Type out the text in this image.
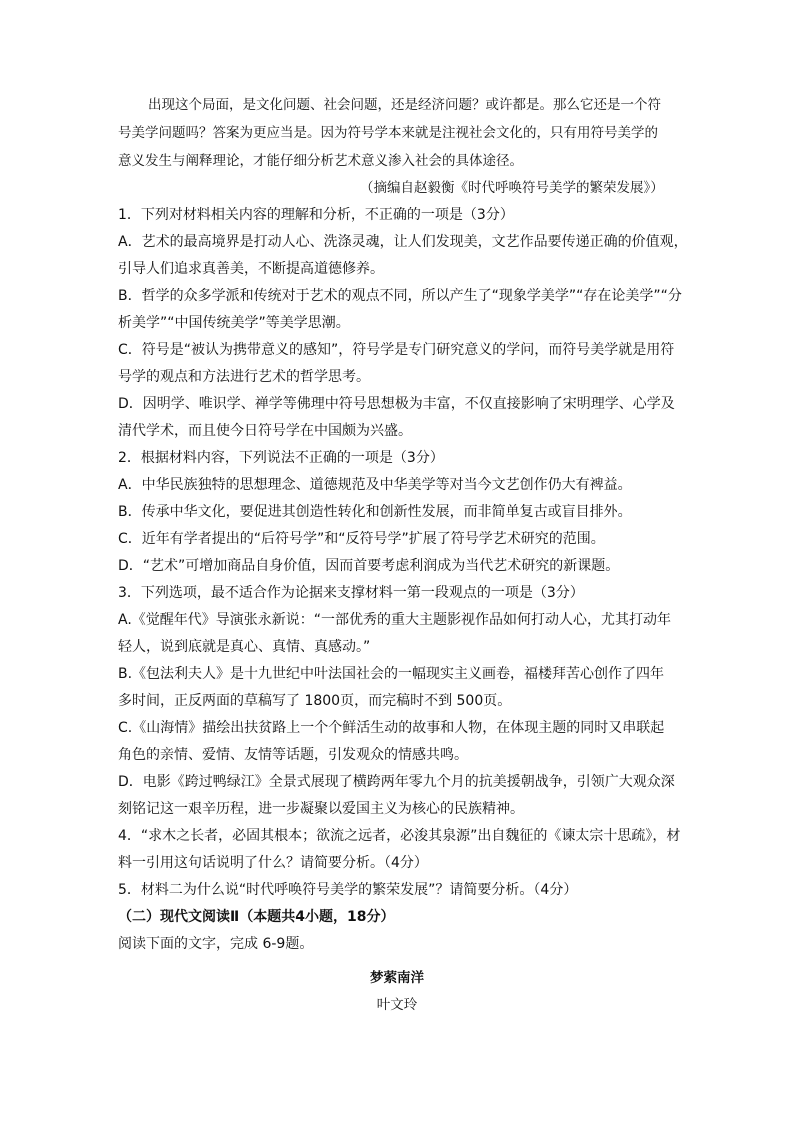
出现这个局面，是文化问题、社会问题，还是经济问题？或许都是。那么它还是一个符
号美学问题吗？答案为更应当是。因为符号学本来就是注视社会文化的，只有用符号美学的
意义发生与阐释理论，才能仔细分析艺术意义渗入社会的具体途径。
（摘编自赵毅衡《时代呼唤符号美学的繁荣发展》）
1．下列对材料相关内容的理解和分析，不正确的一项是（3分）
A．艺术的最高境界是打动人心、洗涤灵魂，让人们发现美，文艺作品要传递正确的价值观，
引导人们追求真善美，不断提高道德修养。
B．哲学的众多学派和传统对于艺术的观点不同，所以产生了“现象学美学”“存在论美学”“分
析美学”“中国传统美学”等美学思潮。
C．符号是“被认为携带意义的感知”，符号学是专门研究意义的学问，而符号美学就是用符
号学的观点和方法进行艺术的哲学思考。
D．因明学、唯识学、禅学等佛理中符号思想极为丰富，不仅直接影响了宋明理学、心学及
清代学术，而且使今日符号学在中国颇为兴盛。
2．根据材料内容，下列说法不正确的一项是（3分）
A．中华民族独特的思想理念、道德规范及中华美学等对当今文艺创作仍大有裨益。
B．传承中华文化，要促进其创造性转化和创新性发展，而非简单复古或盲目排外。
C．近年有学者提出的“后符号学”和“反符号学”扩展了符号学艺术研究的范围。
D．“艺术”可增加商品自身价值，因而首要考虑利润成为当代艺术研究的新课题。
3．下列选项，最不适合作为论据来支撑材料一第一段观点的一项是（3分）
A.《觉醒年代》导演张永新说：“一部优秀的重大主题影视作品如何打动人心，尤其打动年
轻人，说到底就是真心、真情、真感动。”
B.《包法利夫人》是十九世纪中叶法国社会的一幅现实主义画卷，福楼拜苦心创作了四年
多时间，正反两面的草稿写了 1800页，而完稿时不到 500页。
C.《山海情》描绘出扶贫路上一个个鲜活生动的故事和人物，在体现主题的同时又串联起
角色的亲情、爱情、友情等话题，引发观众的情感共鸣。
D．电影《跨过鸭绿江》全景式展现了横跨两年零九个月的抗美援朝战争，引领广大观众深
刻铭记这一艰辛历程，进一步凝聚以爱国主义为核心的民族精神。
4．“求木之长者，必固其根本；欲流之远者，必浚其泉源”出自魏征的《谏太宗十思疏》，材
料一引用这句话说明了什么？请简要分析。（4分）
5．材料二为什么说“时代呼唤符号美学的繁荣发展”？请简要分析。（4分）
（二）现代文阅读Ⅱ（本题共4小题，18分）
阅读下面的文字，完成 6-9题。
梦萦南洋
叶文玲
